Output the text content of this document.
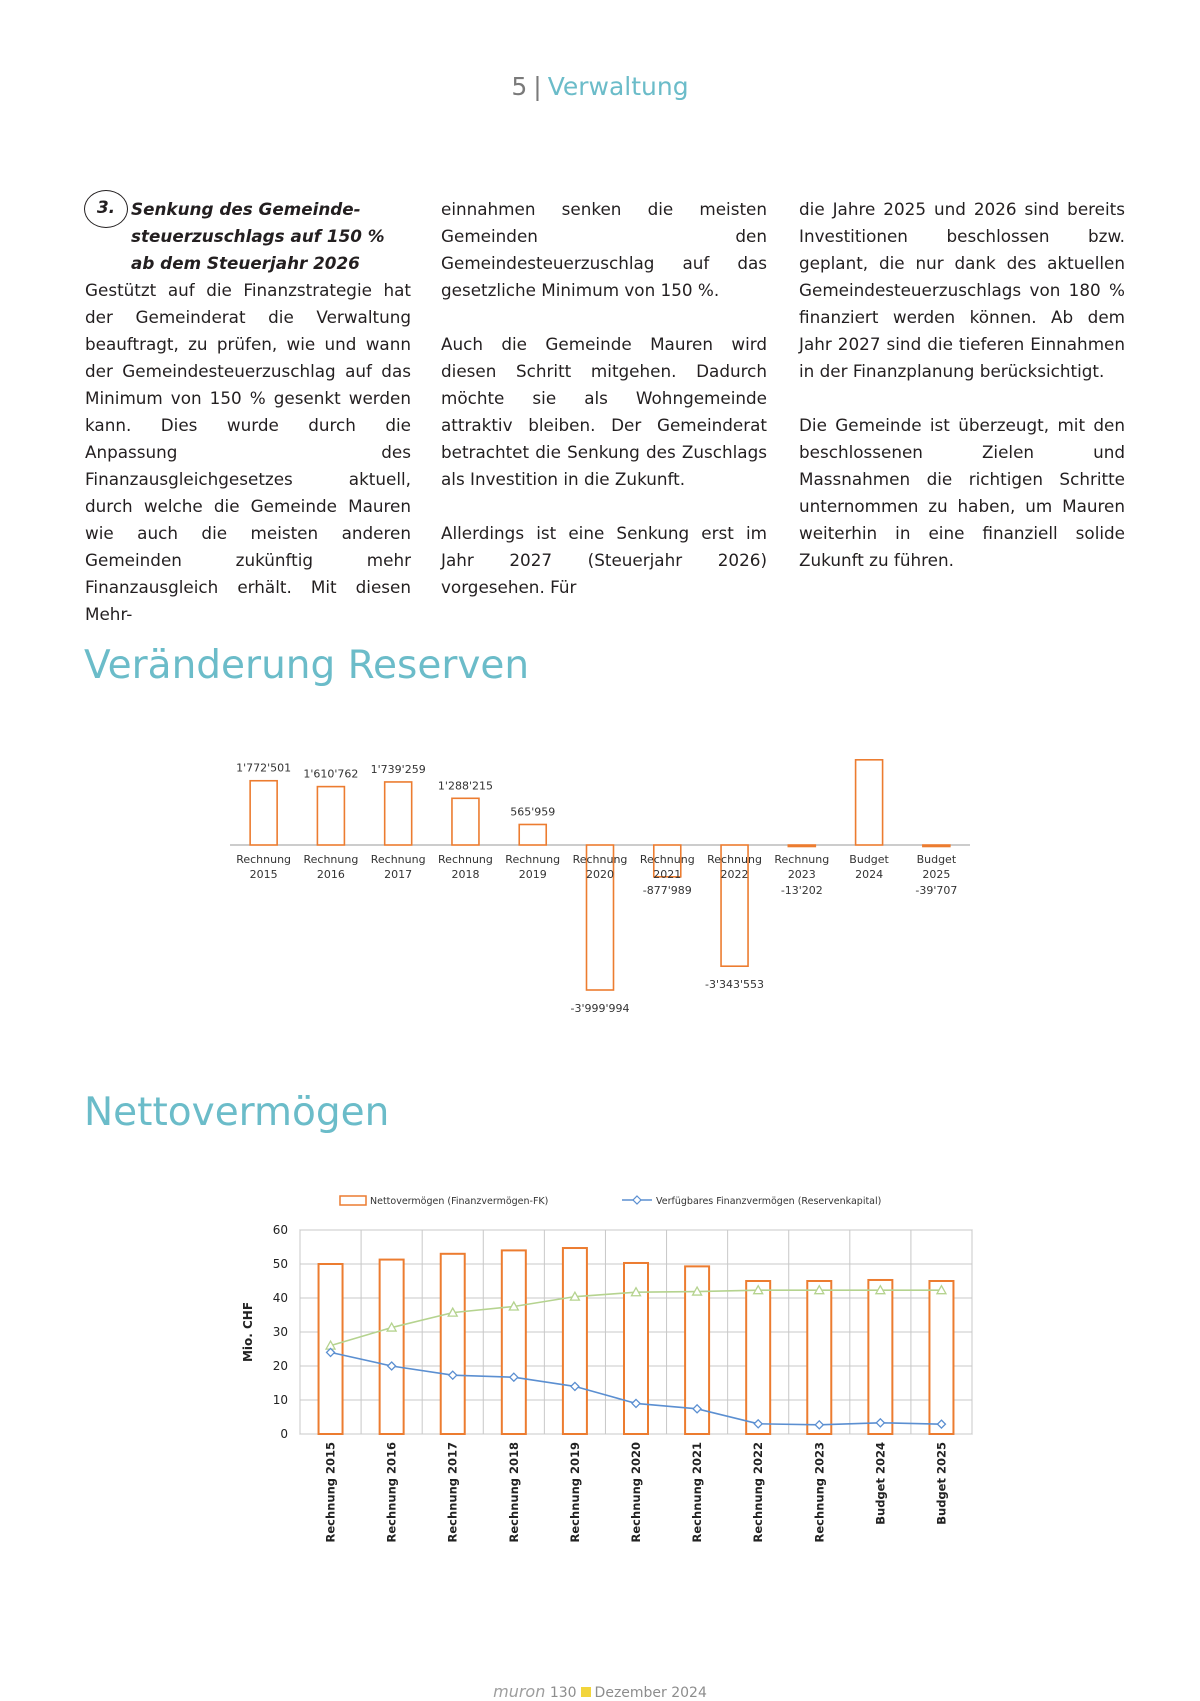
5 | Verwaltung
3. Senkung des Gemeinde-
steuerzuschlags auf 150 %
ab dem Steuerjahr 2026

Gestützt auf die Finanzstrategie hat der Gemeinderat die Verwaltung beauftragt, zu prüfen, wie und wann der Gemeindesteuerzuschlag auf das Minimum von 150 % gesenkt werden kann. Dies wurde durch die Anpassung des Finanzausgleichgesetzes aktuell, durch welche die Gemeinde Mauren wie auch die meisten anderen Gemeinden zukünftig mehr Finanzausgleich erhält. Mit diesen Mehr-

einnahmen senken die meisten Gemeinden den Gemeindesteuerzuschlag auf das gesetzliche Minimum von 150 %.

Auch die Gemeinde Mauren wird diesen Schritt mitgehen. Dadurch möchte sie als Wohngemeinde attraktiv bleiben. Der Gemeinderat betrachtet die Senkung des Zuschlags als Investition in die Zukunft.

Allerdings ist eine Senkung erst im Jahr 2027 (Steuerjahr 2026) vorgesehen. Für

die Jahre 2025 und 2026 sind bereits Investitionen beschlossen bzw. geplant, die nur dank des aktuellen Gemeindesteuerzuschlags von 180 % finanziert werden können. Ab dem Jahr 2027 sind die tieferen Einnahmen in der Finanzplanung berücksichtigt.

Die Gemeinde ist überzeugt, mit den beschlossenen Zielen und Massnahmen die richtigen Schritte unternommen zu haben, um Mauren weiterhin in eine finanziell solide Zukunft zu führen.

Veränderung Reserven
Rechnung
2015
1'772'501
Rechnung
2016
1'610'762
Rechnung
2017
1'739'259
Rechnung
2018
1'288'215
Rechnung
2019
565'959
Rechnung
2020
-3'999'994
Rechnung
2021
-877'989
Rechnung
2022
-3'343'553
Rechnung
2023
-13'202
Budget
2024
Budget
2025
-39'707
Nettovermögen
Nettovermögen (Finanzvermögen-FK)	Verfügbares Finanzvermögen (Reservenkapital)
0
10
20
30
40
50
60
Mio. CHF
Rechnung 2015	Rechnung 2016	Rechnung 2017	Rechnung 2018	Rechnung 2019	Rechnung 2020	Rechnung 2021	Rechnung 2022	Rechnung 2023	Budget 2024	Budget 2025
muron 130 Dezember 2024
